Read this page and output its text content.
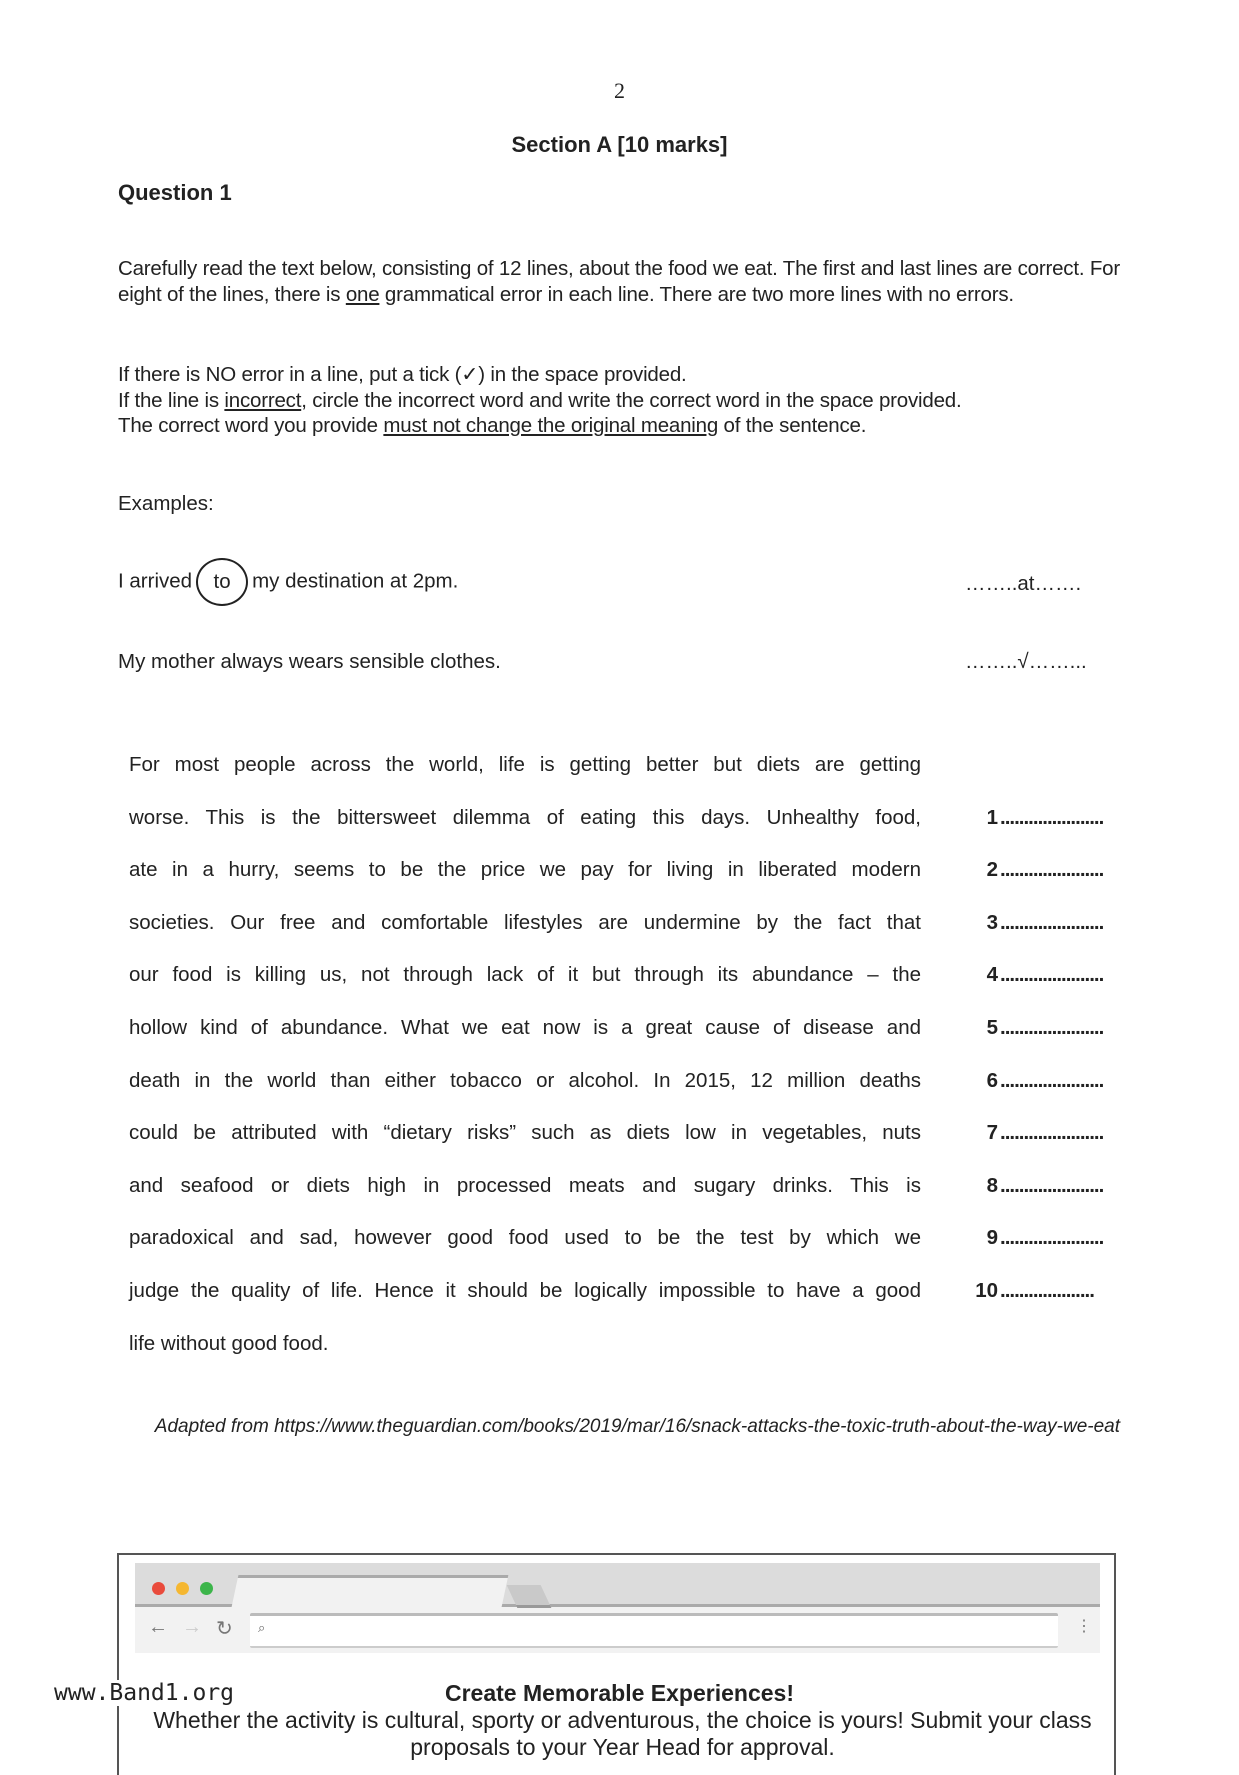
2
Section A [10 marks]
Question 1
Carefully read the text below, consisting of 12 lines, about the food we eat. The first and last lines are correct. For eight of the lines, there is one grammatical error in each line. There are two more lines with no errors.
If there is NO error in a line, put a tick (✓) in the space provided.
If the line is incorrect, circle the incorrect word and write the correct word in the space provided.
The correct word you provide must not change the original meaning of the sentence.
Examples:
I arrived to my destination at 2pm.	……..at…….
My mother always wears sensible clothes.	……..√……...
For most people across the world, life is getting better but diets are getting
worse. This is the bittersweet dilemma of eating this days. Unhealthy food,	1 ......................
ate in a hurry, seems to be the price we pay for living in liberated modern	2 ......................
societies. Our free and comfortable lifestyles are undermine by the fact that	3 ......................
our food is killing us, not through lack of it but through its abundance – the	4 ......................
hollow kind of abundance. What we eat now is a great cause of disease and	5 ......................
death in the world than either tobacco or alcohol. In 2015, 12 million deaths	6 ......................
could be attributed with “dietary risks” such as diets low in vegetables, nuts	7 ......................
and seafood or diets high in processed meats and sugary drinks. This is	8 ......................
paradoxical and sad, however good food used to be the test by which we	9 ......................
judge the quality of life. Hence it should be logically impossible to have a good	10 ....................
life without good food.
Adapted from https://www.theguardian.com/books/2019/mar/16/snack-attacks-the-toxic-truth-about-the-way-we-eat
← → ↻ ⌕	⋮
Create Memorable Experiences!
Whether the activity is cultural, sporty or adventurous, the choice is yours! Submit your class proposals to your Year Head for approval.
www.Band1.org
